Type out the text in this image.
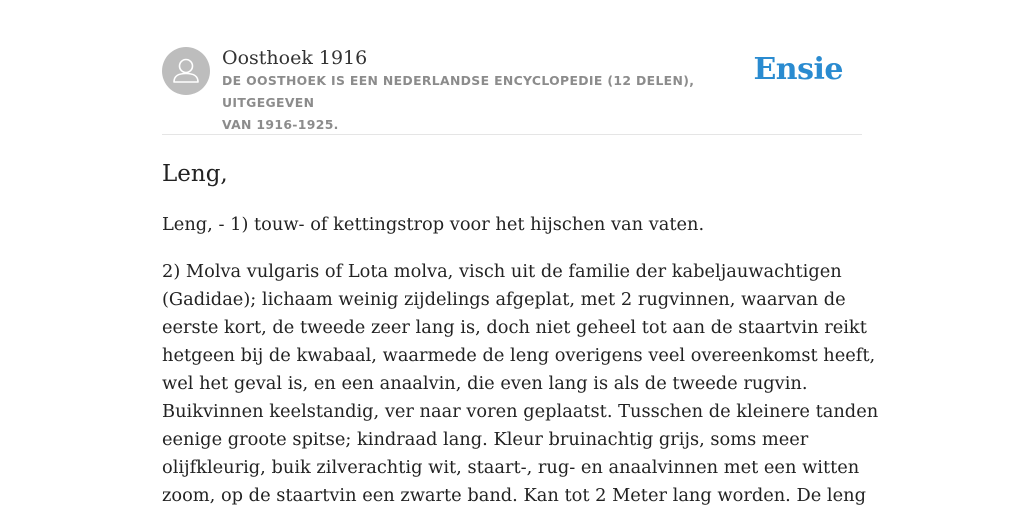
Oosthoek 1916

DE OOSTHOEK IS EEN NEDERLANDSE ENCYCLOPEDIE (12 DELEN), UITGEGEVEN
VAN 1916-1925.

Ensie
Leng,

Leng, - 1) touw- of kettingstrop voor het hijschen van vaten.

2) Molva vulgaris of Lota molva, visch uit de familie der kabeljauwachtigen
(Gadidae); lichaam weinig zijdelings afgeplat, met 2 rugvinnen, waarvan de
eerste kort, de tweede zeer lang is, doch niet geheel tot aan de staartvin reikt
hetgeen bij de kwabaal, waarmede de leng overigens veel overeenkomst heeft,
wel het geval is, en een anaalvin, die even lang is als de tweede rugvin.
Buikvinnen keelstandig, ver naar voren geplaatst. Tusschen de kleinere tanden
eenige groote spitse; kindraad lang. Kleur bruinachtig grijs, soms meer
olijfkleurig, buik zilverachtig wit, staart-, rug- en anaalvinnen met een witten
zoom, op de staartvin een zwarte band. Kan tot 2 Meter lang worden. De leng
